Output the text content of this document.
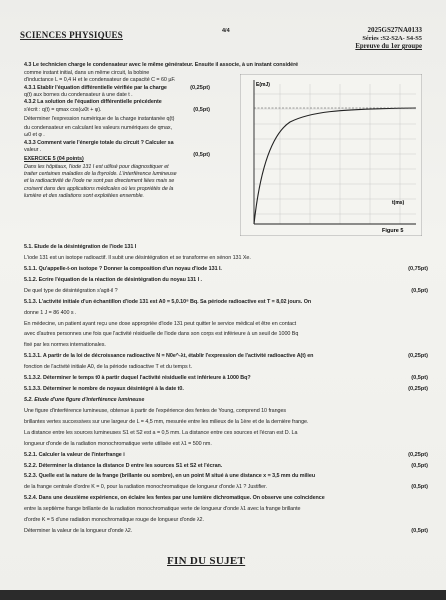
SCIENCES PHYSIQUES	4/4	2025GS27NA0133
Séries :S2-S2A- S4-S5
Epreuve du 1er groupe
E(mJ)
t(ms)
Figure 5
4.3 Le technicien charge le condensateur avec le même générateur. Ensuite il associe, à un instant considéré
comme instant initial, dans un même circuit, la bobine
d'inductance L = 0,4 H et le condensateur de capacité C = 60 µF.
4.3.1 Etablir l'équation différentielle vérifiée par la charge
q(t) aux bornes du condensateur à une date t .
4.3.2 La solution de l'équation différentielle précédente
s'écrit : q(t) = qmax cos(ω0t + φ).
Déterminer l'expression numérique de la charge instantanée q(t)
du condensateur en calculant les valeurs numériques de qmax,
ω0 et φ .
4.3.3 Comment varie l'énergie totale du circuit ? Calculer sa
valeur .
EXERCICE 5 (04 points)
Dans les hôpitaux, l'iode 131 I est utilisé pour diagnostiquer et
traiter certaines maladies de la thyroïde. L'interférence lumineuse
et la radioactivité de l'iode ne sont pas directement liées mais se
croisent dans des applications médicales où les propriétés de la
lumière et des radiations sont exploitées ensemble.
5.1. Etude de la désintégration de l'iode 131 I
L'iode 131 est un isotope radioactif. Il subit une désintégration et se transforme en xénon 131 Xe.
5.1.1. Qu'appelle-t-on isotope ? Donner la composition d'un noyau d'iode 131 I.
5.1.2. Ecrire l'équation de la réaction de désintégration du noyau 131 I .
De quel type de désintégration s'agit-il ?
5.1.3. L'activité initiale d'un échantillon d'iode 131 est A0 = 5,0.10⁸ Bq. Sa période radioactive est T = 8,02 jours. On
donne 1 J = 86 400 s .
En médecine, un patient ayant reçu une dose appropriée d'iode 131 peut quitter le service médical et être en contact
avec d'autres personnes une fois que l'activité résiduelle de l'iode dans son corps est inférieure à un seuil de 1000 Bq
fixé par les normes internationales.
5.1.3.1. A partir de la loi de décroissance radioactive N = N0e^-λt, établir l'expression de l'activité radioactive A(t) en
fonction de l'activité initiale A0, de la période radioactive T et du temps t.
5.1.3.2. Déterminer le temps t0 à partir duquel l'activité résiduelle est inférieure à 1000 Bq?
5.1.3.3. Déterminer le nombre de noyaux désintégré à la date t0.
5.2. Etude d'une figure d'interférence lumineuse
Une figure d'interférence lumineuse, obtenue à partir de l'expérience des fentes de Young, comprend 10 franges
brillantes vertes successives sur une largeur de L = 4,5 mm, mesurée entre les milieux de la 1ère et de la dernière frange.
La distance entre les sources lumineuses S1 et S2 est a = 0,5 mm. La distance entre ces sources et l'écran est D. La
longueur d'onde de la radiation monochromatique verte utilisée est λ1 = 500 nm.
5.2.1. Calculer la valeur de l'interfrange i
5.2.2. Déterminer la distance la distance D entre les sources S1 et S2 et l'écran.
5.2.3. Quelle est la nature de la frange (brillante ou sombre), en un point M situé à une distance x = 3,5 mm du milieu
de la frange centrale d'ordre K = 0, pour la radiation monochromatique de longueur d'onde λ1 ? Justifier.
5.2.4. Dans une deuxième expérience, on éclaire les fentes par une lumière dichromatique. On observe une coïncidence
entre la septième frange brillante de la radiation monochromatique verte de longueur d'onde λ1 avec la frange brillante
d'ordre K = 5 d'une radiation monochromatique rouge de longueur d'onde λ2.
Déterminer la valeur de la longueur d'onde λ2.
(0,25pt)
(0,5pt)
(0,5pt)
(0,75pt)
(0,5pt)
(0,25pt)
(0,5pt)
(0,25pt)
(0,25pt)
(0,5pt)
(0,5pt)
(0,5pt)
FIN DU SUJET
